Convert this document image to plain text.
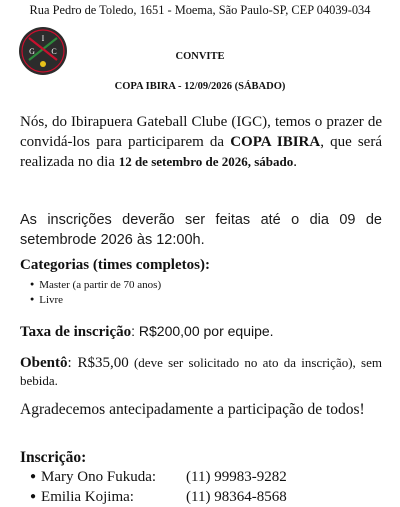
Rua Pedro de Toledo, 1651 - Moema, São Paulo-SP, CEP 04039-034
I
G C	CONVITE
COPA IBIRA - 12/09/2026 (SÁBADO)
Nós, do Ibirapuera Gateball Clube (IGC), temos o prazer de convidá-los para participarem da COPA IBIRA, que será realizada no dia 12 de setembro de 2026, sábado.
As inscrições deverão ser feitas até o dia 09 de setembrode 2026 às 12:00h.
Categorias (times completos):
● Master (a partir de 70 anos)
● Livre
Taxa de inscrição: R$200,00 por equipe.
Obentô: R$35,00 (deve ser solicitado no ato da inscrição), sem bebida.
Agradecemos antecipadamente a participação de todos!
Inscrição:
● Mary Ono Fukuda: (11) 99983-9282
● Emilia Kojima:	(11) 98364-8568
